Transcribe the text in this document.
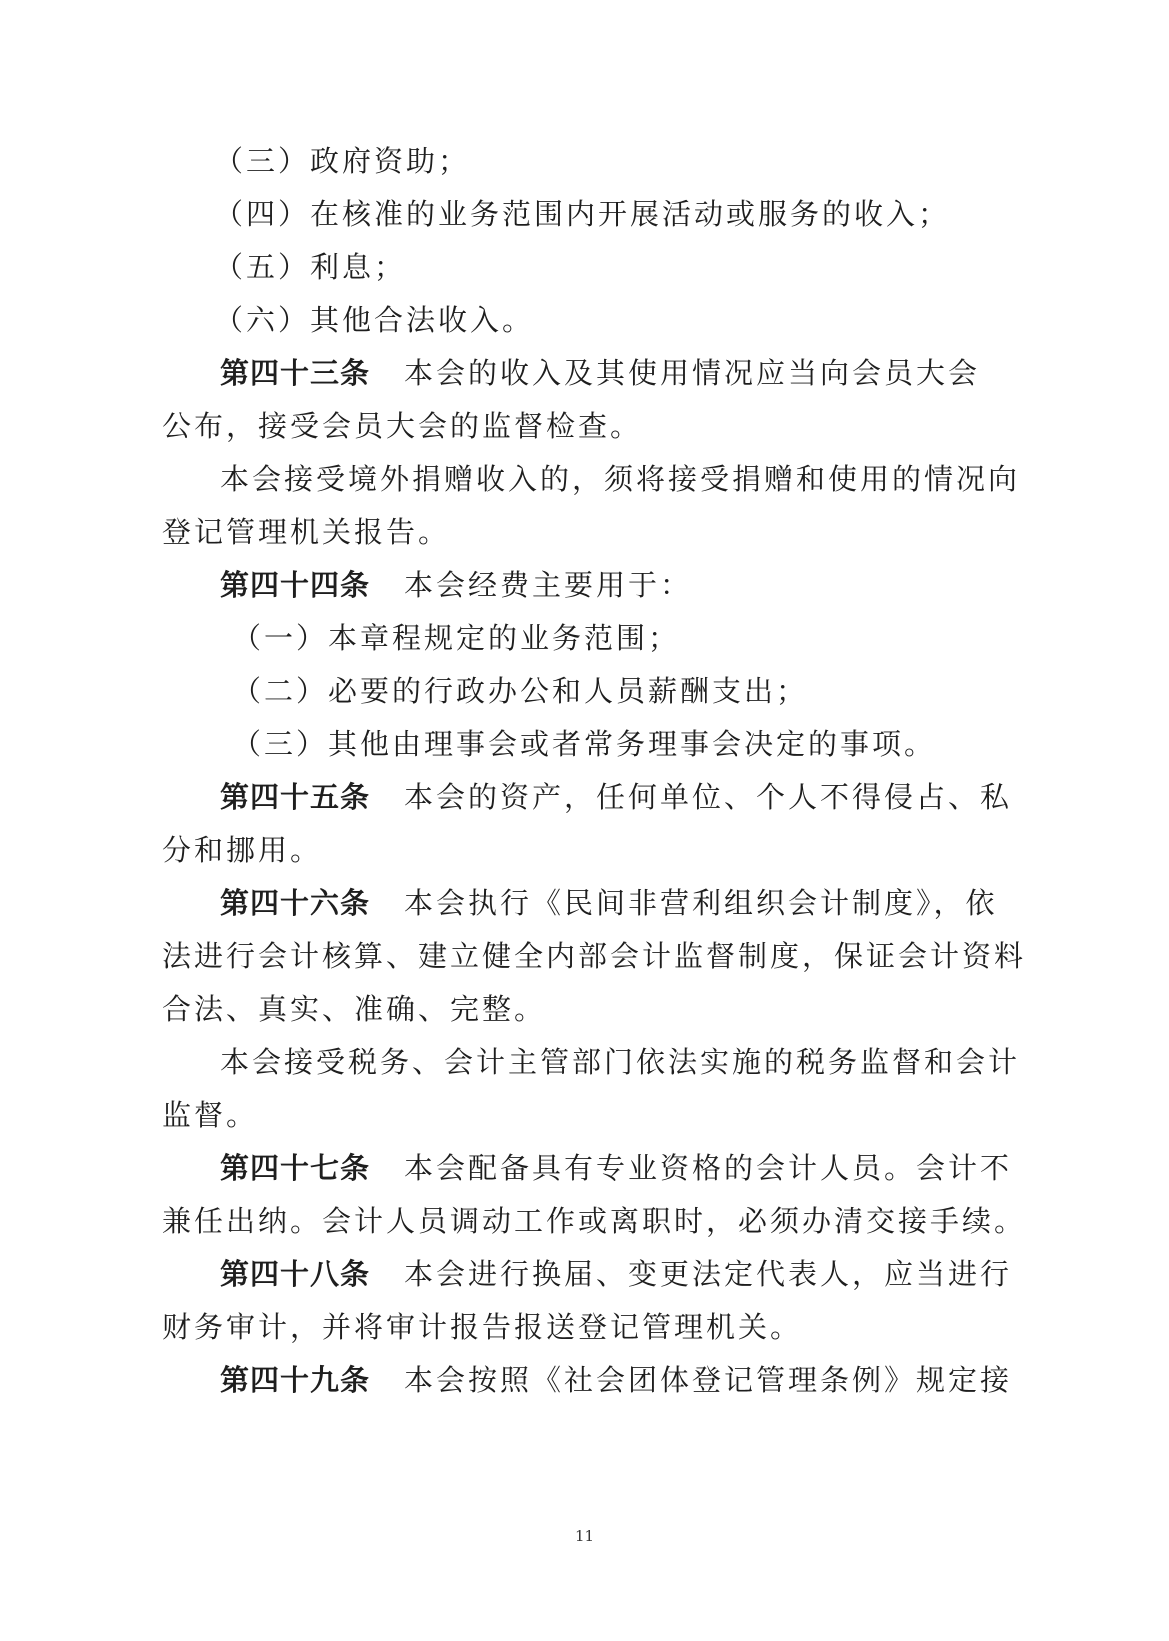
（三）政府资助；
（四）在核准的业务范围内开展活动或服务的收入；
（五）利息；
（六）其他合法收入。
第四十三条 本会的收入及其使用情况应当向会员大会
公布，接受会员大会的监督检查。
本会接受境外捐赠收入的，须将接受捐赠和使用的情况向
登记管理机关报告。
第四十四条 本会经费主要用于：
（一）本章程规定的业务范围；
（二）必要的行政办公和人员薪酬支出；
（三）其他由理事会或者常务理事会决定的事项。
第四十五条 本会的资产，任何单位、个人不得侵占、私
分和挪用。
第四十六条 本会执行《民间非营利组织会计制度》，依
法进行会计核算、建立健全内部会计监督制度，保证会计资料
合法、真实、准确、完整。
本会接受税务、会计主管部门依法实施的税务监督和会计
监督。
第四十七条 本会配备具有专业资格的会计人员。会计不
兼任出纳。会计人员调动工作或离职时，必须办清交接手续。
第四十八条 本会进行换届、变更法定代表人，应当进行
财务审计，并将审计报告报送登记管理机关。
第四十九条 本会按照《社会团体登记管理条例》规定接
11
